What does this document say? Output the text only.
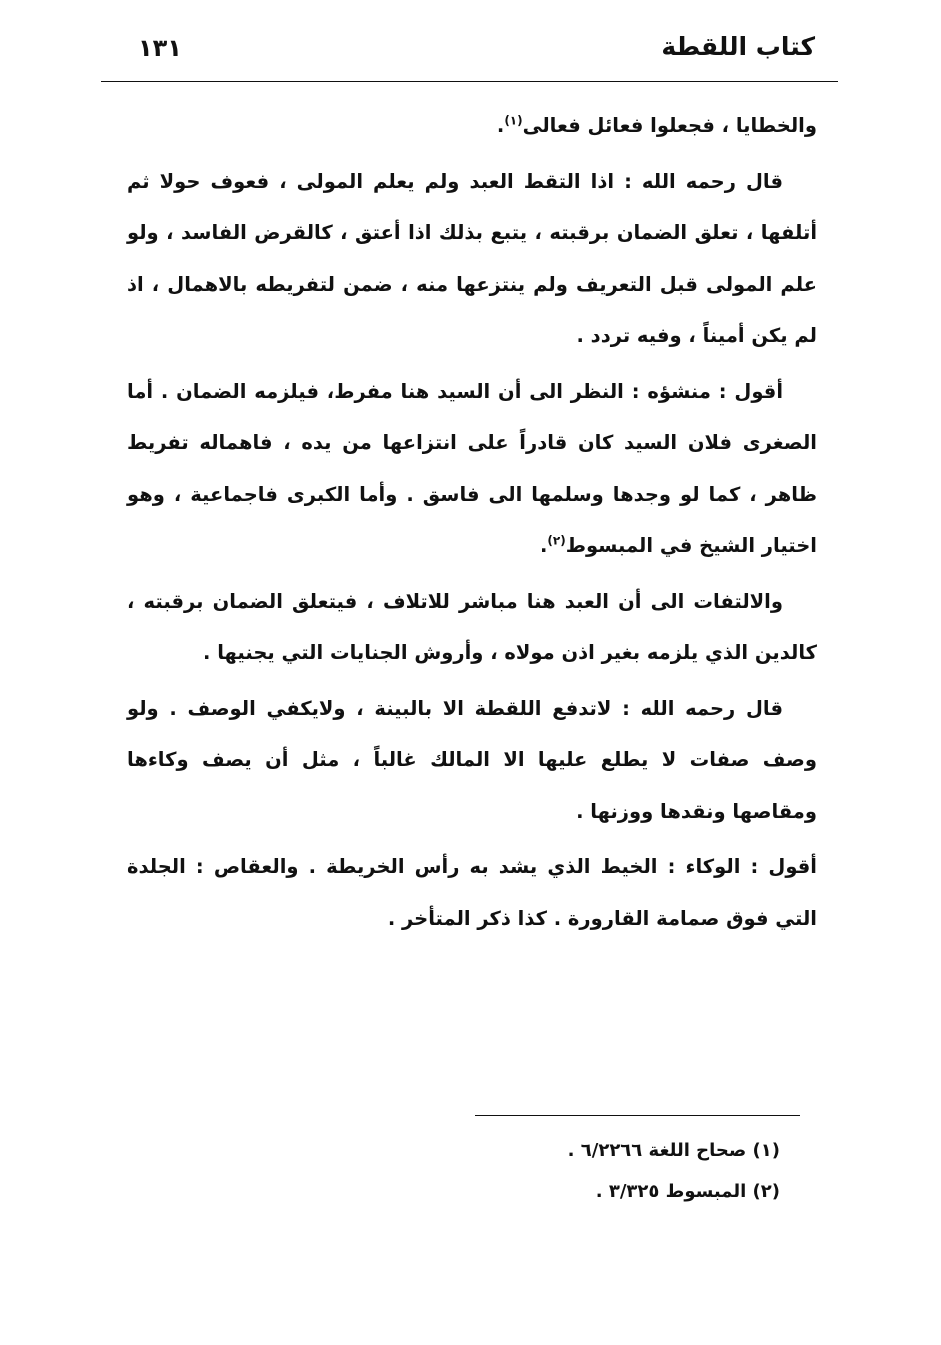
كتاب اللقطة
١٣١

والخطايا ، فجعلوا فعائل فعالى$^{(١)}$.

قال رحمه الله : اذا التقط العبد ولم يعلم المولى ، فعوف حولا ثم أتلفها ، تعلق الضمان برقبته ، يتبع بذلك اذا أعتق ، كالقرض الفاسد ، ولو علم المولى قبل التعريف ولم ينتزعها منه ، ضمن لتفريطه بالاهمال ، اذ لم يكن أميناً ، وفيه تردد .

أقول : منشؤه : النظر الى أن السيد هنا مفرط، فيلزمه الضمان . أما الصغرى فلان السيد كان قادراً على انتزاعها من يده ، فاهماله تفريط ظاهر ، كما لو وجدها وسلمها الى فاسق . وأما الكبرى فاجماعية ، وهو اختيار الشيخ في المبسوط$^{(٢)}$.

والالتفات الى أن العبد هنا مباشر للاتلاف ، فيتعلق الضمان برقبته ، كالدين الذي يلزمه بغير اذن مولاه ، وأروش الجنايات التي يجنيها .

قال رحمه الله : لاتدفع اللقطة الا بالبينة ، ولايكفي الوصف . ولو وصف صفات لا يطلع عليها الا المالك غالباً ، مثل أن يصف وكاءها ومقاصها ونقدها ووزنها .

أقول : الوكاء : الخيط الذي يشد به رأس الخريطة . والعقاص : الجلدة التي فوق صمامة القارورة . كذا ذكر المتأخر .

(١) صحاح اللغة ٦/٢٢٦٦ .
(٢) المبسوط ٣/٣٢٥ .
